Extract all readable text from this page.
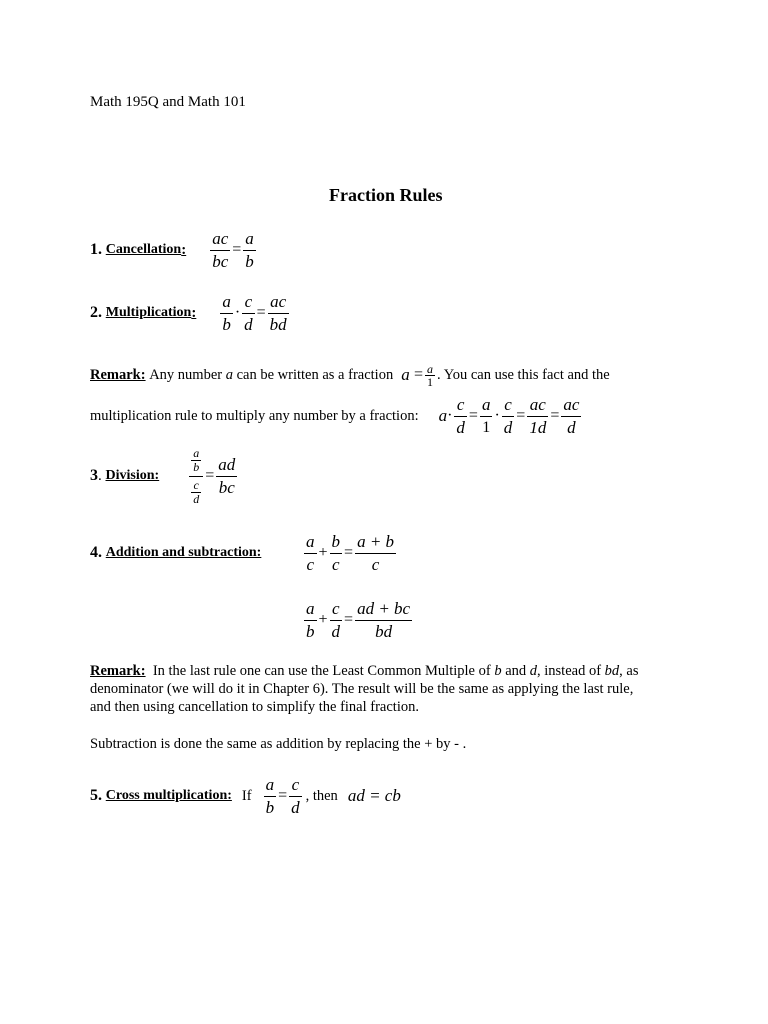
Math 195Q and Math 101
Fraction Rules
1.
Cancellation : $\frac{ac}{bc} = \frac{a}{b}$
2.
Multiplication : $\frac{a}{b} \cdot \frac{c}{d} = \frac{ac}{bd}$
Remark:
Any number
a
can be written as a fraction a
= $\frac{a}{1}$ . You can use this fact and the
multiplication rule to multiply any number by a fraction: $a \cdot \frac{c}{d} = \frac{a}{1} \cdot \frac{c}{d} = \frac{ac}{1d} = \frac{ac}{d}$
3 .
Division:	$\frac{\frac{a}{b}}{\frac{c}{d}} = \frac{ad}{bc}$
4.
Addition and subtraction:	$\frac{a}{c} + \frac{b}{c} = \frac{a + b}{c}$
$\frac{a}{b} + \frac{c}{d} = \frac{ad + bc}{bd}$
Remark: In the last rule one can use the Least Common Multiple of b and d, instead of bd, as
denominator (we will do it in Chapter 6). The result will be the same as applying the last rule,
and then using cancellation to simplify the final fraction.
Subtraction is done the same as addition by replacing the + by - .
5.
Cross multiplication: If $\frac{a}{b} = \frac{c}{d}$ , then ad = cb
